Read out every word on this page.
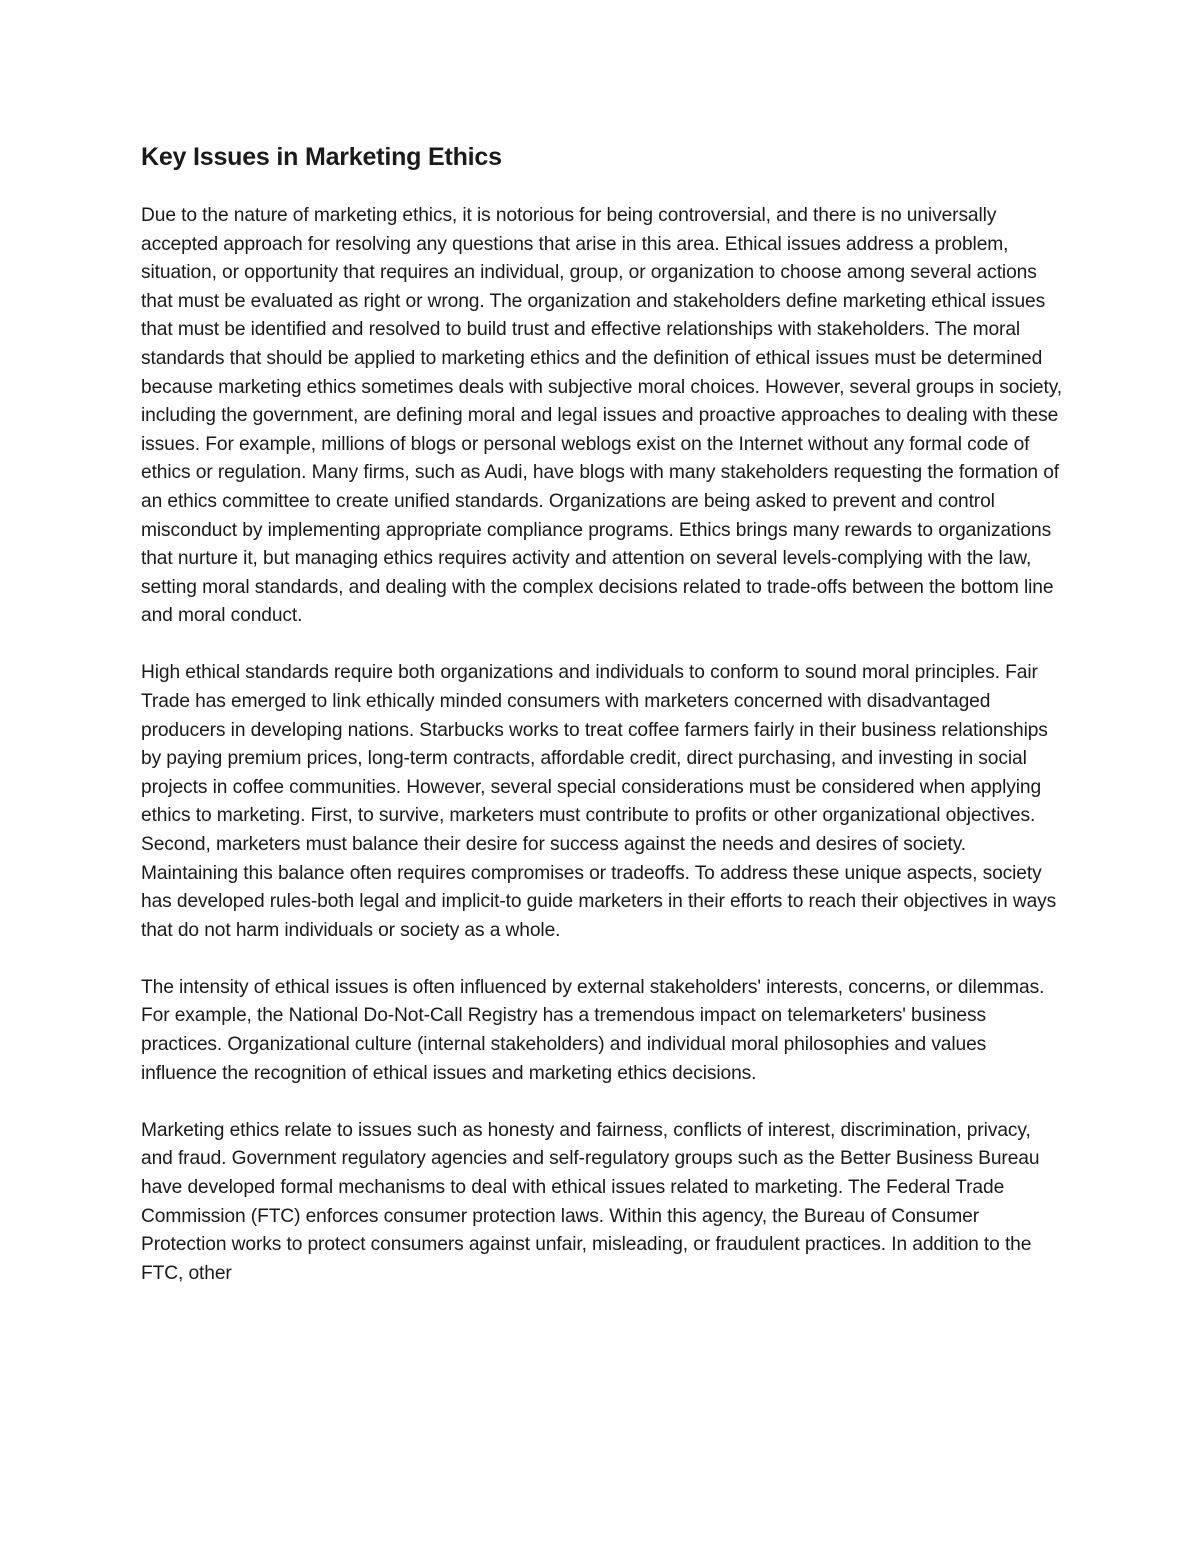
Key Issues in Marketing Ethics

Due to the nature of marketing ethics, it is notorious for being controversial, and there is no universally accepted approach for resolving any questions that arise in this area. Ethical issues address a problem, situation, or opportunity that requires an individual, group, or organization to choose among several actions that must be evaluated as right or wrong. The organization and stakeholders define marketing ethical issues that must be identified and resolved to build trust and effective relationships with stakeholders. The moral standards that should be applied to marketing ethics and the definition of ethical issues must be determined because marketing ethics sometimes deals with subjective moral choices. However, several groups in society, including the government, are defining moral and legal issues and proactive approaches to dealing with these issues. For example, millions of blogs or personal weblogs exist on the Internet without any formal code of ethics or regulation. Many firms, such as Audi, have blogs with many stakeholders requesting the formation of an ethics committee to create unified standards. Organizations are being asked to prevent and control misconduct by implementing appropriate compliance programs. Ethics brings many rewards to organizations that nurture it, but managing ethics requires activity and attention on several levels-complying with the law, setting moral standards, and dealing with the complex decisions related to trade-offs between the bottom line and moral conduct.

High ethical standards require both organizations and individuals to conform to sound moral principles. Fair Trade has emerged to link ethically minded consumers with marketers concerned with disadvantaged producers in developing nations. Starbucks works to treat coffee farmers fairly in their business relationships by paying premium prices, long-term contracts, affordable credit, direct purchasing, and investing in social projects in coffee communities. However, several special considerations must be considered when applying ethics to marketing. First, to survive, marketers must contribute to profits or other organizational objectives. Second, marketers must balance their desire for success against the needs and desires of society. Maintaining this balance often requires compromises or tradeoffs. To address these unique aspects, society has developed rules-both legal and implicit-to guide marketers in their efforts to reach their objectives in ways that do not harm individuals or society as a whole.

The intensity of ethical issues is often influenced by external stakeholders' interests, concerns, or dilemmas. For example, the National Do-Not-Call Registry has a tremendous impact on telemarketers' business practices. Organizational culture (internal stakeholders) and individual moral philosophies and values influence the recognition of ethical issues and marketing ethics decisions.

Marketing ethics relate to issues such as honesty and fairness, conflicts of interest, discrimination, privacy, and fraud. Government regulatory agencies and self-regulatory groups such as the Better Business Bureau have developed formal mechanisms to deal with ethical issues related to marketing. The Federal Trade Commission (FTC) enforces consumer protection laws. Within this agency, the Bureau of Consumer Protection works to protect consumers against unfair, misleading, or fraudulent practices. In addition to the FTC, other
